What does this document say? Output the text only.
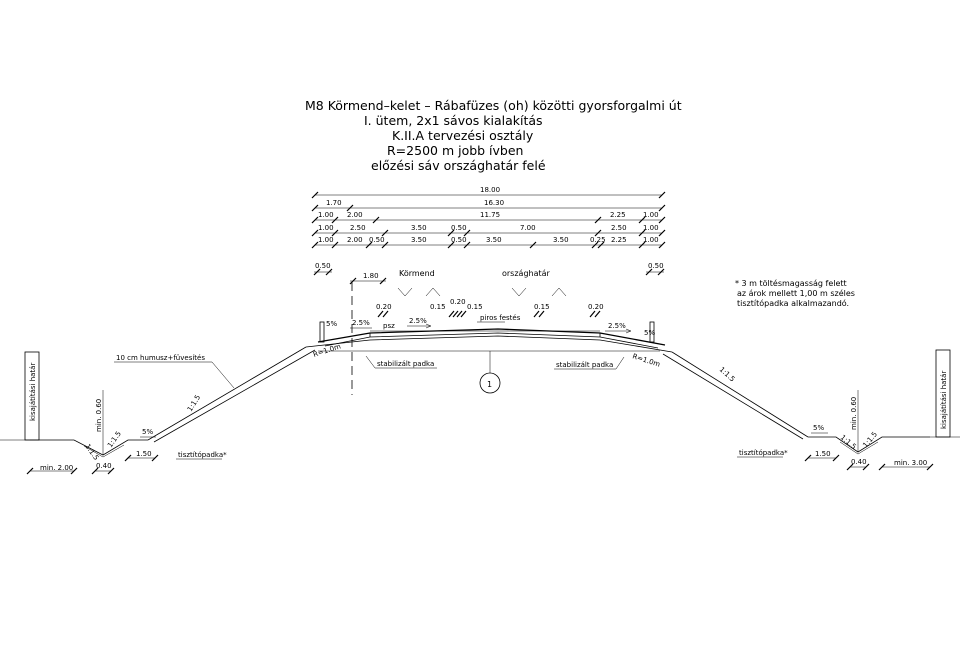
M8 Körmend–kelet – Rábafüzes (oh) közötti gyorsforgalmi út
I. ütem, 2x1 sávos kialakítás
K.II.A tervezési osztály
R=2500 m jobb ívben
előzési sáv országhatár felé
18.00
1.70	16.30
1.00 2.00	11.75	2.25 1.00
1.00 2.50	3.50	0.50	7.00	2.50 1.00
1.00 2.00 0.50	3.50	0.50	3.50	3.50	0.25 2.25 1.00
0.50	0.50
1.80	Körmend	országhatár
0.20	0.15
0.20
0.15	0.15	0.20
5% 2.5% psz
2.5%	piros festés
2.5%
5%
kisajátítási határ	kisajátítási határ
min. 0.60	min. 0.60
10 cm humusz+füvesítés	R=1.0m
R=1.0m
stabilizált padka	stabilizált padka
1
1:1.5
1:1.5
1:1.5
1:1.5	5%	5%
1:1.5 1:1.5
min. 2.00	0.40
1.50	tisztítópadka*	tisztítópadka*	1.50
0.40	min. 3.00
* 3 m töltésmagasság felett
az árok mellett 1,00 m széles
tisztítópadka alkalmazandó.
